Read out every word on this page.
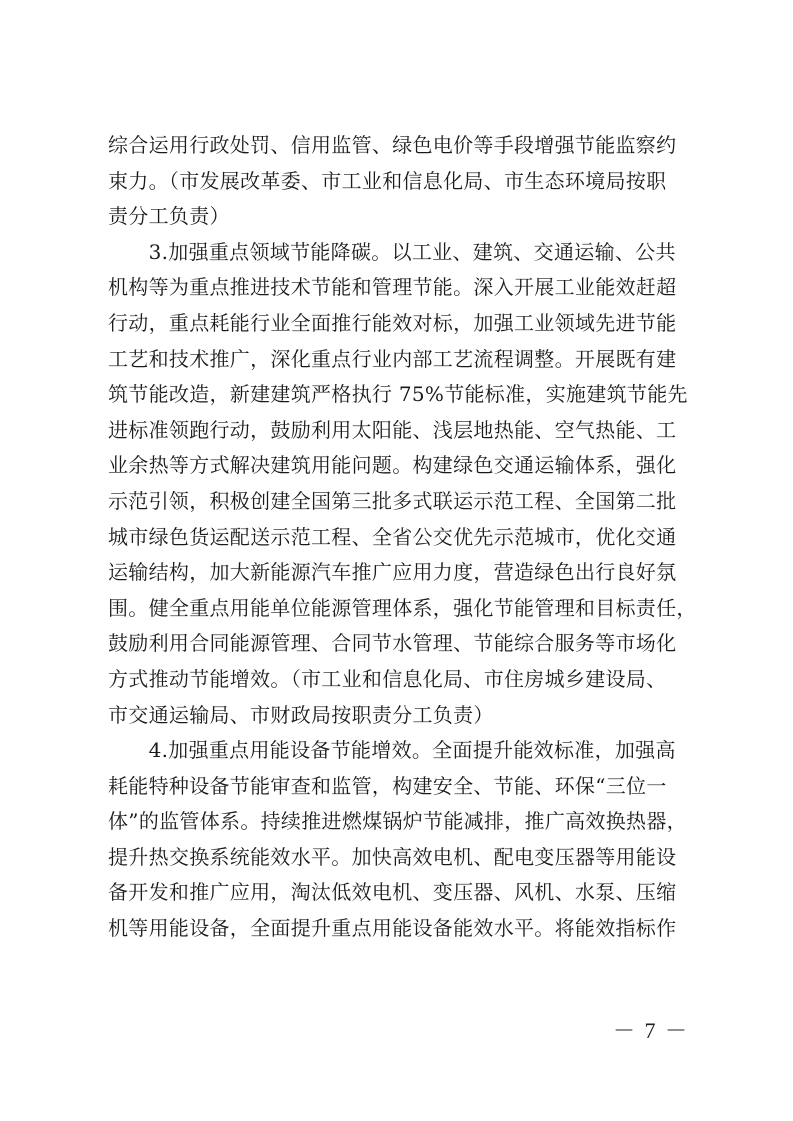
综合运用行政处罚、信用监管、绿色电价等手段增强节能监察约
束力。（市发展改革委、市工业和信息化局、市生态环境局按职
责分工负责）
　　3.加强重点领域节能降碳。以工业、建筑、交通运输、公共
机构等为重点推进技术节能和管理节能。深入开展工业能效赶超
行动，重点耗能行业全面推行能效对标，加强工业领域先进节能
工艺和技术推广，深化重点行业内部工艺流程调整。开展既有建
筑节能改造，新建建筑严格执行 75%节能标准，实施建筑节能先
进标准领跑行动，鼓励利用太阳能、浅层地热能、空气热能、工
业余热等方式解决建筑用能问题。构建绿色交通运输体系，强化
示范引领，积极创建全国第三批多式联运示范工程、全国第二批
城市绿色货运配送示范工程、全省公交优先示范城市，优化交通
运输结构，加大新能源汽车推广应用力度，营造绿色出行良好氛
围。健全重点用能单位能源管理体系，强化节能管理和目标责任，
鼓励利用合同能源管理、合同节水管理、节能综合服务等市场化
方式推动节能增效。（市工业和信息化局、市住房城乡建设局、
市交通运输局、市财政局按职责分工负责）
　　4.加强重点用能设备节能增效。全面提升能效标准，加强高
耗能特种设备节能审查和监管，构建安全、节能、环保“三位一
体”的监管体系。持续推进燃煤锅炉节能减排，推广高效换热器，
提升热交换系统能效水平。加快高效电机、配电变压器等用能设
备开发和推广应用，淘汰低效电机、变压器、风机、水泵、压缩
机等用能设备，全面提升重点用能设备能效水平。将能效指标作
－ 7 －
